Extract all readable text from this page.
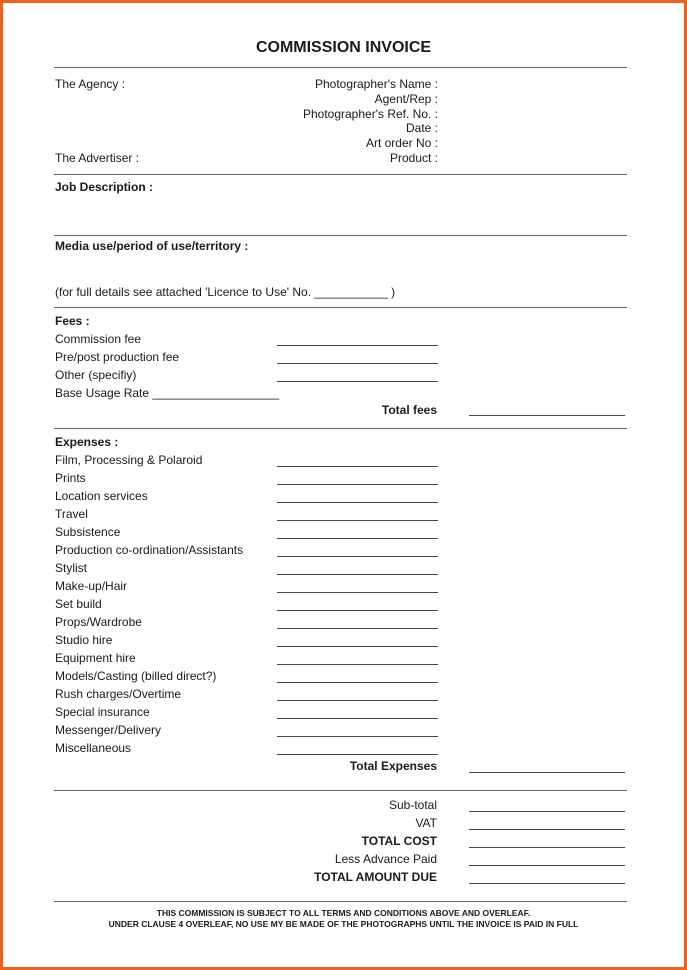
COMMISSION INVOICE
The Agency :
The Advertiser :
Photographer's Name :
Agent/Rep :
Photographer's Ref. No. :
Date :
Art order No :
Product :
Job Description :
Media use/period of use/territory :
(for full details see attached 'Licence to Use' No. ___________ )
Fees :
Commission fee
Pre/post production fee
Other (specifiy)
Base Usage Rate ___________________
Total fees
Expenses :
Film, Processing & Polaroid
Prints
Location services
Travel
Subsistence
Production co-ordination/Assistants
Stylist
Make-up/Hair
Set build
Props/Wardrobe
Studio hire
Equipment hire
Models/Casting (billed direct?)
Rush charges/Overtime
Special insurance
Messenger/Delivery
Miscellaneous
Total Expenses
Sub-total
VAT
TOTAL COST
Less Advance Paid
TOTAL AMOUNT DUE
THIS COMMISSION IS SUBJECT TO ALL TERMS AND CONDITIONS ABOVE AND OVERLEAF.
UNDER CLAUSE 4 OVERLEAF, NO USE MY BE MADE OF THE PHOTOGRAPHS UNTIL THE INVOICE IS PAID IN FULL
